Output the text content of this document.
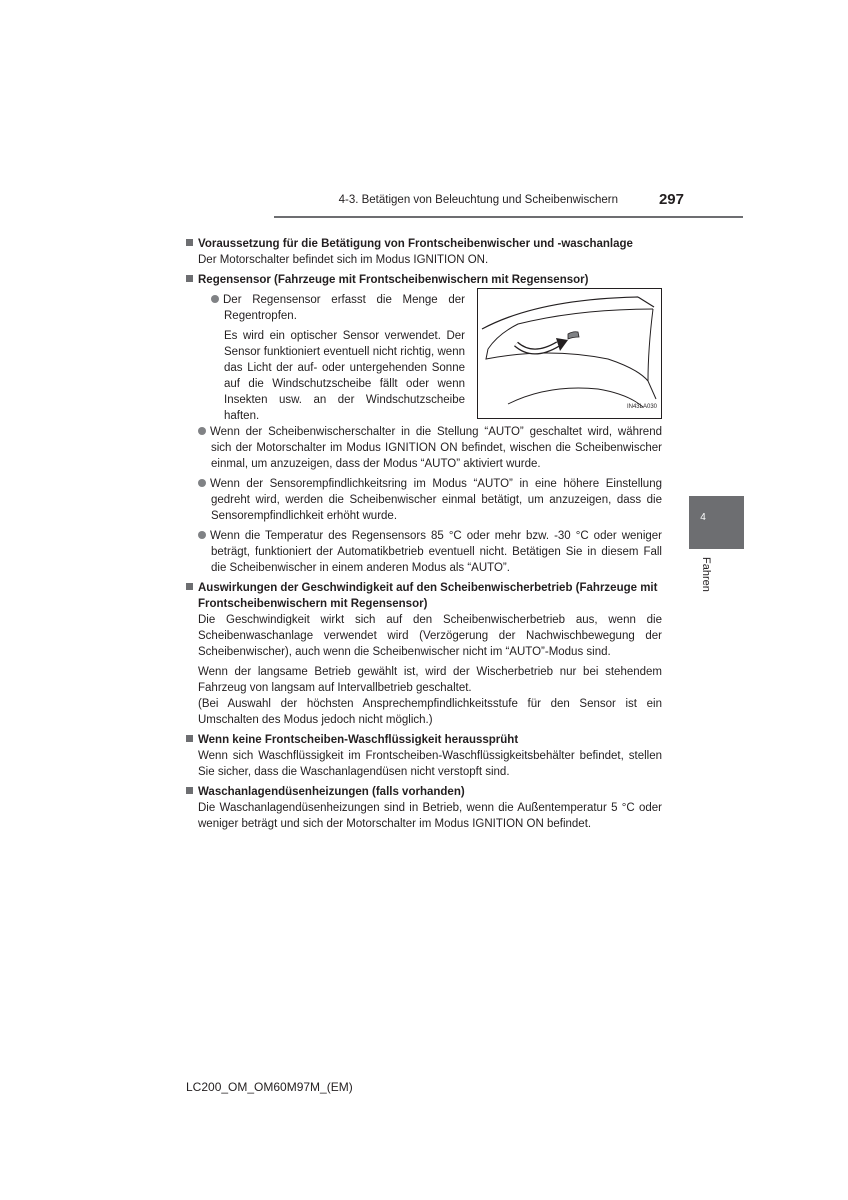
4-3. Betätigen von Beleuchtung und Scheibenwischern	297
4
Fahren

Voraussetzung für die Betätigung von Frontscheibenwischer und -waschanlage

Der Motorschalter befindet sich im Modus IGNITION ON.

Regensensor (Fahrzeuge mit Frontscheibenwischern mit Regensensor)

Der Regensensor erfasst die Menge der Regentropfen.

Es wird ein optischer Sensor verwendet. Der Sensor funktioniert eventuell nicht richtig, wenn das Licht der auf- oder untergehenden Sonne auf die Windschutzscheibe fällt oder wenn Insekten usw. an der Windschutzscheibe haften.

IN43LA030

Wenn der Scheibenwischerschalter in die Stellung “AUTO” geschaltet wird, während sich der Motorschalter im Modus IGNITION ON befindet, wischen die Scheibenwischer einmal, um anzuzeigen, dass der Modus “AUTO” aktiviert wurde.

Wenn der Sensorempfindlichkeitsring im Modus “AUTO” in eine höhere Einstellung gedreht wird, werden die Scheibenwischer einmal betätigt, um anzuzeigen, dass die Sensorempfindlichkeit erhöht wurde.

Wenn die Temperatur des Regensensors 85 °C oder mehr bzw. -30 °C oder weniger beträgt, funktioniert der Automatikbetrieb eventuell nicht. Betätigen Sie in diesem Fall die Scheibenwischer in einem anderen Modus als “AUTO”.

Auswirkungen der Geschwindigkeit auf den Scheibenwischerbetrieb (Fahrzeuge mit Frontscheibenwischern mit Regensensor)

Die Geschwindigkeit wirkt sich auf den Scheibenwischerbetrieb aus, wenn die Scheibenwaschanlage verwendet wird (Verzögerung der Nachwischbewegung der Scheibenwischer), auch wenn die Scheibenwischer nicht im “AUTO”-Modus sind.

Wenn der langsame Betrieb gewählt ist, wird der Wischerbetrieb nur bei stehendem Fahrzeug von langsam auf Intervallbetrieb geschaltet.

(Bei Auswahl der höchsten Ansprechempfindlichkeitsstufe für den Sensor ist ein Umschalten des Modus jedoch nicht möglich.)

Wenn keine Frontscheiben-Waschflüssigkeit heraussprüht

Wenn sich Waschflüssigkeit im Frontscheiben-Waschflüssigkeitsbehälter befindet, stellen Sie sicher, dass die Waschanlagendüsen nicht verstopft sind.

Waschanlagendüsenheizungen (falls vorhanden)

Die Waschanlagendüsenheizungen sind in Betrieb, wenn die Außentemperatur 5 °C oder weniger beträgt und sich der Motorschalter im Modus IGNITION ON befindet.

LC200_OM_OM60M97M_(EM)
